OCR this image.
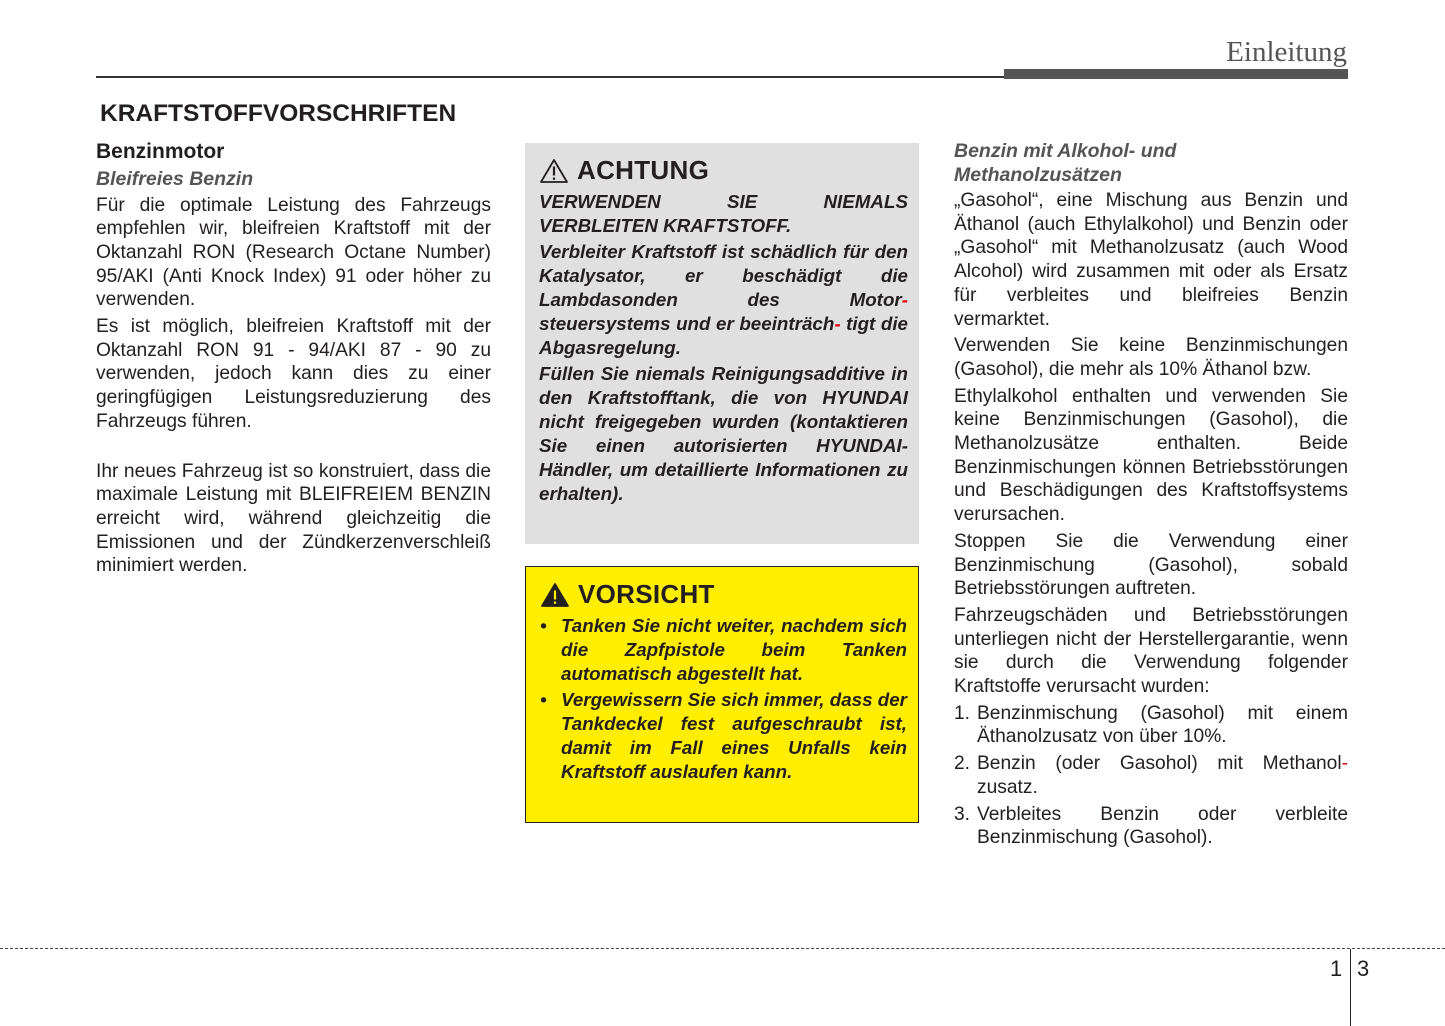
Einleitung
KRAFTSTOFFVORSCHRIFTEN
Benzinmotor
Bleifreies Benzin

Für die optimale Leistung des Fahrzeugs empfehlen wir, bleifreien Kraftstoff mit der Oktanzahl RON (Research Octane Number) 95/AKI (Anti Knock Index) 91 oder höher zu verwenden.

Es ist möglich, bleifreien Kraftstoff mit der Oktanzahl RON 91 - 94/AKI 87 - 90 zu verwenden, jedoch kann dies zu einer geringfügigen Leistungsreduzierung des Fahrzeugs führen.

Ihr neues Fahrzeug ist so konstruiert, dass die maximale Leistung mit BLEIFREIEM BENZIN erreicht wird, während gleichzeitig die Emissionen und der Zündkerzenverschleiß minimiert werden.

ACHTUNG

VERWENDEN SIE NIEMALS VERBLEITEN KRAFTSTOFF.

Verbleiter Kraftstoff ist schädlich für den Katalysator, er beschädigt die Lambdasonden des Motor- steuersystems und er beeinträch- tigt die Abgasregelung.

Füllen Sie niemals Reinigungsadditive in den Kraftstofftank, die von HYUNDAI nicht freigegeben wurden (kontaktieren Sie einen autorisierten HYUNDAI-Händler, um detaillierte Informationen zu erhalten).

VORSICHT
• Tanken Sie nicht weiter, nachdem sich die Zapfpistole beim Tanken automatisch abgestellt hat.
• Vergewissern Sie sich immer, dass der Tankdeckel fest aufgeschraubt ist, damit im Fall eines Unfalls kein Kraftstoff auslaufen kann.
Benzin mit Alkohol- und Methanolzusätzen

„Gasohol“, eine Mischung aus Benzin und Äthanol (auch Ethylalkohol) und Benzin oder „Gasohol“ mit Methanolzusatz (auch Wood Alcohol) wird zusammen mit oder als Ersatz für verbleites und bleifreies Benzin vermarktet.

Verwenden Sie keine Benzinmischungen (Gasohol), die mehr als 10% Äthanol bzw.

Ethylalkohol enthalten und verwenden Sie keine Benzinmischungen (Gasohol), die Methanolzusätze enthalten. Beide Benzinmischungen können Betriebsstörungen und Beschädigungen des Kraftstoffsystems verursachen.

Stoppen Sie die Verwendung einer Benzinmischung (Gasohol), sobald Betriebsstörungen auftreten.

Fahrzeugschäden und Betriebsstörungen unterliegen nicht der Herstellergarantie, wenn sie durch die Verwendung folgender Kraftstoffe verursacht wurden:

1. Benzinmischung (Gasohol) mit einem Äthanolzusatz von über 10%.
2. Benzin (oder Gasohol) mit Methanol- zusatz.
3. Verbleites Benzin oder verbleite Benzinmischung (Gasohol).
1 3
